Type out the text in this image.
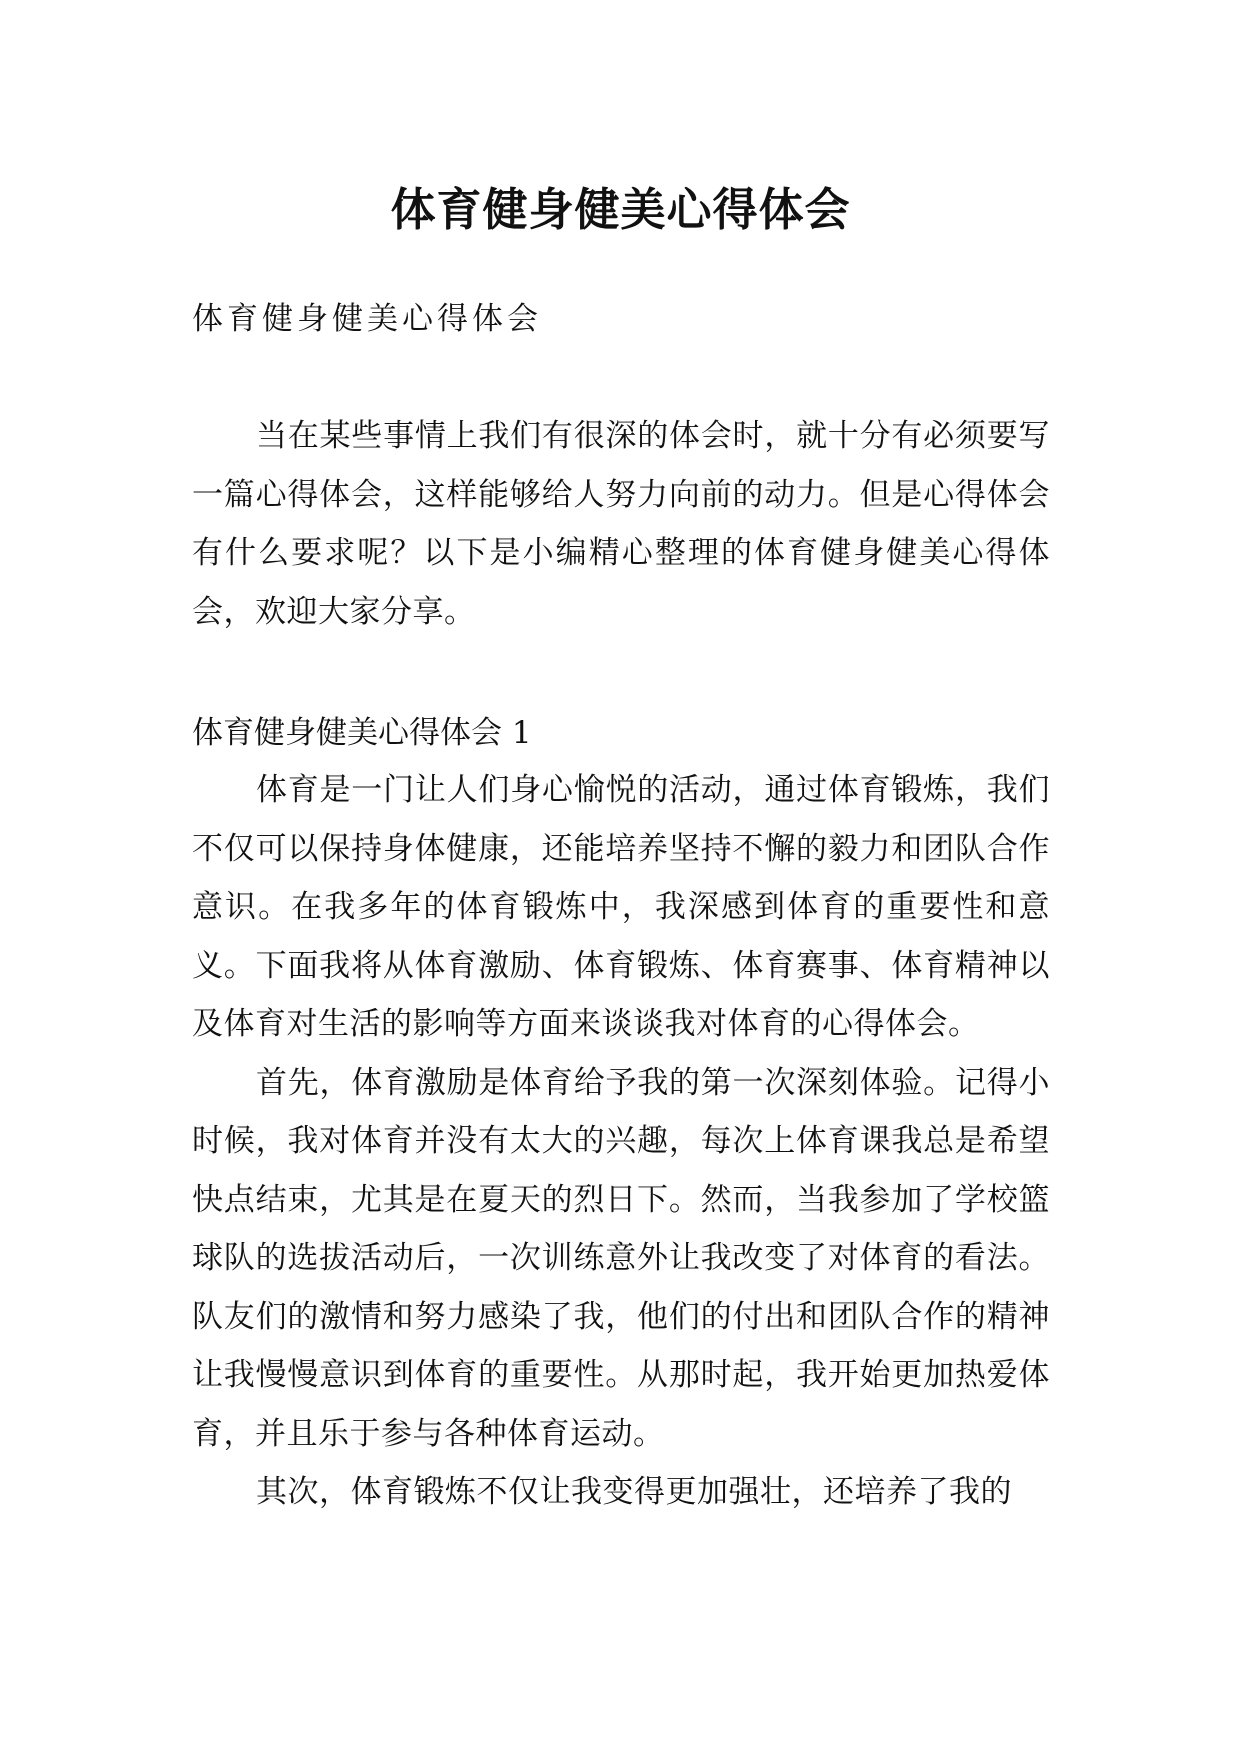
体育健身健美心得体会
体育健身健美心得体会

当在某些事情上我们有很深的体会时，就十分有必须要写一篇心得体会，这样能够给人努力向前的动力。但是心得体会有什么要求呢？以下是小编精心整理的体育健身健美心得体会，欢迎大家分享。

体育健身健美心得体会 1

体育是一门让人们身心愉悦的活动，通过体育锻炼，我们不仅可以保持身体健康，还能培养坚持不懈的毅力和团队合作意识。在我多年的体育锻炼中，我深感到体育的重要性和意义。下面我将从体育激励、体育锻炼、体育赛事、体育精神以及体育对生活的影响等方面来谈谈我对体育的心得体会。

首先，体育激励是体育给予我的第一次深刻体验。记得小时候，我对体育并没有太大的兴趣，每次上体育课我总是希望快点结束，尤其是在夏天的烈日下。然而，当我参加了学校篮球队的选拔活动后，一次训练意外让我改变了对体育的看法。队友们的激情和努力感染了我，他们的付出和团队合作的精神让我慢慢意识到体育的重要性。从那时起，我开始更加热爱体育，并且乐于参与各种体育运动。

其次，体育锻炼不仅让我变得更加强壮，还培养了我的
